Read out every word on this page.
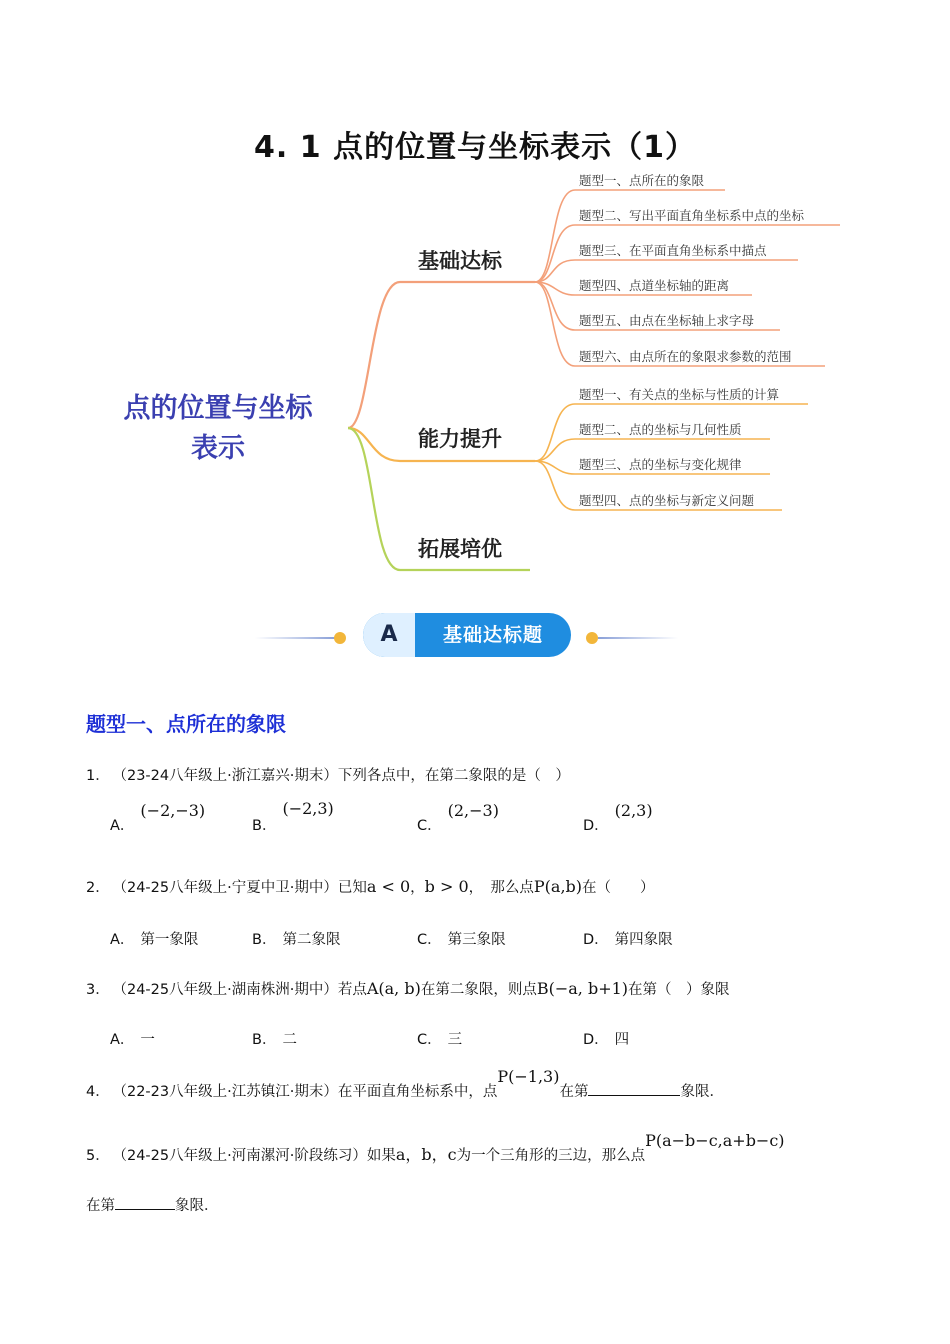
4. 1 点的位置与坐标表示（1）
点的位置与坐标
表示
基础达标
能力提升
拓展培优
题型一、点所在的象限
题型二、写出平面直角坐标系中点的坐标
题型三、在平面直角坐标系中描点
题型四、点道坐标轴的距离
题型五、由点在坐标轴上求字母
题型六、由点所在的象限求参数的范围
题型一、有关点的坐标与性质的计算
题型二、点的坐标与几何性质
题型三、点的坐标与变化规律
题型四、点的坐标与新定义问题
A	基础达标题
题型一、点所在的象限
1． （23-24八年级上·浙江嘉兴·期末）下列各点中，在第二象限的是（　）
A．(−2,−3)
B．(−2,3)
C．(2,−3)
D．(2,3)
2． （24-25八年级上·宁夏中卫·期中）已知a < 0，b > 0，　那么点P(a,b)在（　　）
A． 第一象限	B． 第二象限	C． 第三象限	D． 第四象限
3． （24-25八年级上·湖南株洲·期中）若点A(a, b)在第二象限，则点B(−a, b+1)在第（　）象限
A． 一	B． 二	C． 三	D． 四
4． （22-23八年级上·江苏镇江·期末）在平面直角坐标系中，点P(−1,3)在第	象限．
5． （24-25八年级上·河南漯河·阶段练习）如果a，b，c为一个三角形的三边，那么点P(a−b−c,a+b−c)
在第	象限．
